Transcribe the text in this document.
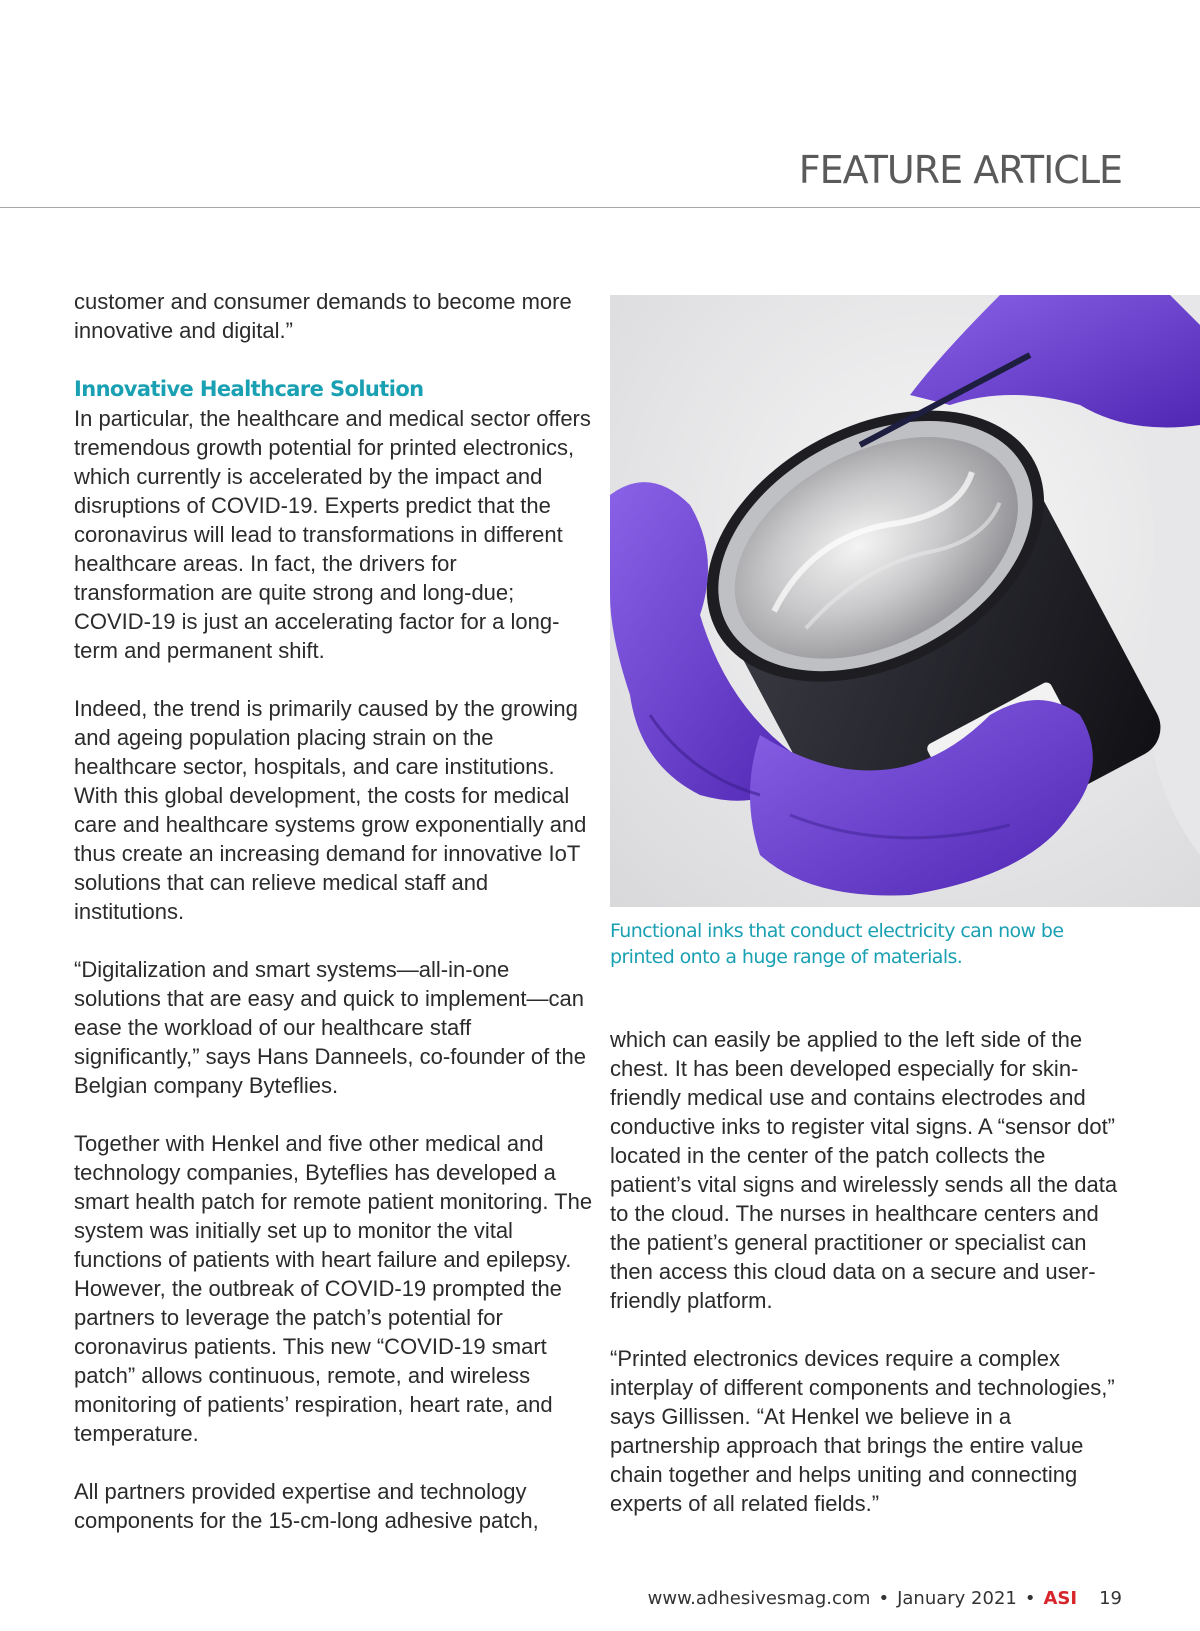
FEATURE ARTICLE

customer and consumer demands to become more innovative and digital.”

Innovative Healthcare Solution

In particular, the healthcare and medical sector offers tremendous growth potential for printed electronics, which currently is accelerated by the impact and disruptions of COVID-19. Experts predict that the coronavirus will lead to transformations in different healthcare areas. In fact, the drivers for transformation are quite strong and long-due; COVID-19 is just an accelerating factor for a long-term and permanent shift.

Indeed, the trend is primarily caused by the growing and ageing population placing strain on the healthcare sector, hospitals, and care institutions. With this global development, the costs for medical care and healthcare systems grow exponentially and thus create an increasing demand for innovative IoT solutions that can relieve medical staff and institutions.

“Digitalization and smart systems—all-in-one solutions that are easy and quick to implement—can ease the workload of our healthcare staff significantly,” says Hans Danneels, co-founder of the Belgian company Byteflies.

Together with Henkel and five other medical and technology companies, Byteflies has developed a smart health patch for remote patient monitoring. The system was initially set up to monitor the vital functions of patients with heart failure and epilepsy. However, the outbreak of COVID-19 prompted the partners to leverage the patch’s potential for coronavirus patients. This new “COVID-19 smart patch” allows continuous, remote, and wireless monitoring of patients’ respiration, heart rate, and temperature.

All partners provided expertise and technology components for the 15-cm-long adhesive patch,

Functional inks that conduct electricity can now be printed onto a huge range of materials.

which can easily be applied to the left side of the chest. It has been developed especially for skin-friendly medical use and contains electrodes and conductive inks to register vital signs. A “sensor dot” located in the center of the patch collects the patient’s vital signs and wirelessly sends all the data to the cloud. The nurses in healthcare centers and the patient’s general practitioner or specialist can then access this cloud data on a secure and user-friendly platform.

“Printed electronics devices require a complex interplay of different components and technologies,” says Gillissen. “At Henkel we believe in a partnership approach that brings the entire value chain together and helps uniting and connecting experts of all related fields.”

www.adhesivesmag.com • January 2021 • ASI 19
